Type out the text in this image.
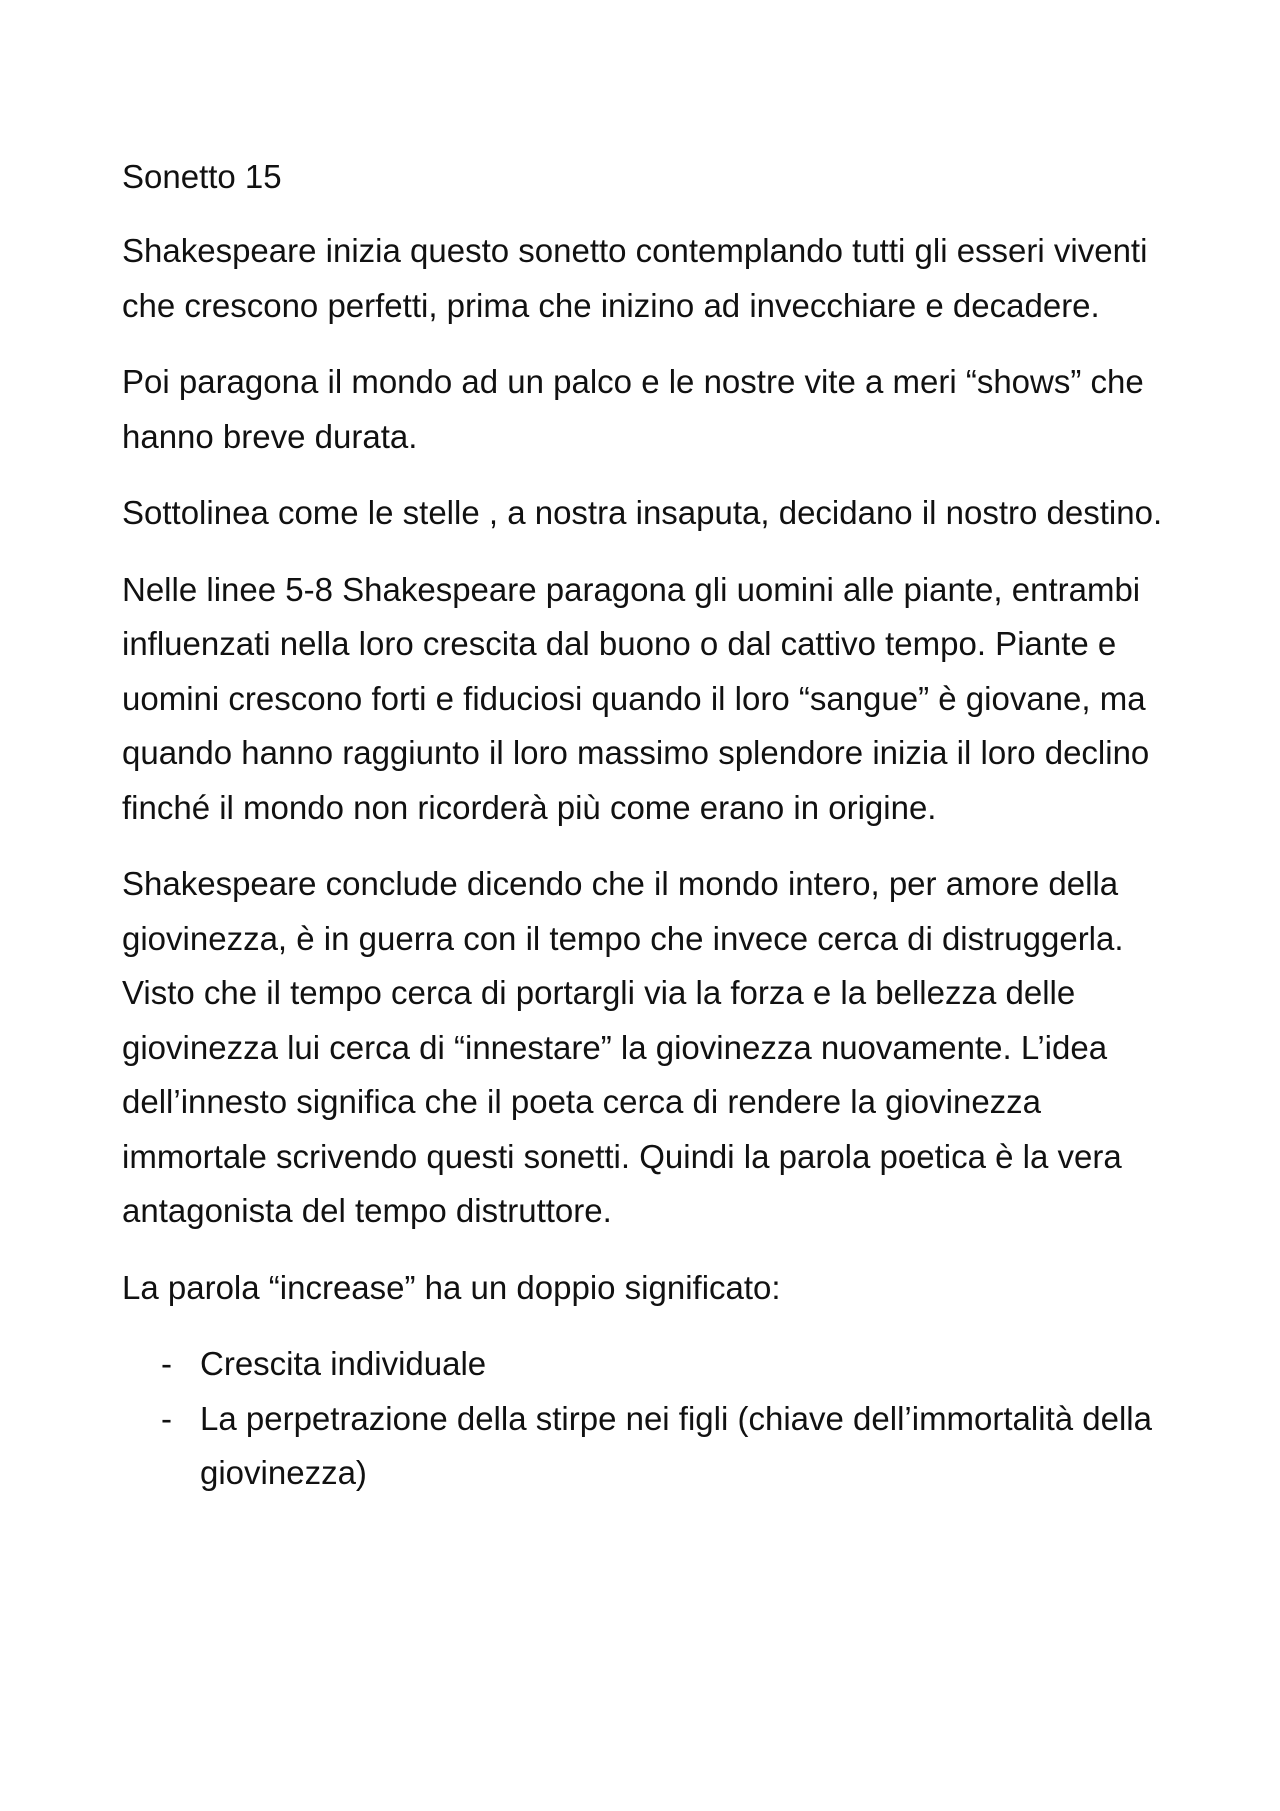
Sonetto 15

Shakespeare inizia questo sonetto contemplando tutti gli esseri viventi che crescono perfetti, prima che inizino ad invecchiare e decadere.

Poi paragona il mondo ad un palco e le nostre vite a meri “shows” che hanno breve durata.

Sottolinea come le stelle , a nostra insaputa, decidano il nostro destino.

Nelle linee 5-8 Shakespeare paragona gli uomini alle piante, entrambi influenzati nella loro crescita dal buono o dal cattivo tempo. Piante e uomini crescono forti e fiduciosi quando il loro “sangue” è giovane, ma quando hanno raggiunto il loro massimo splendore inizia il loro declino finché il mondo non ricorderà più come erano in origine.

Shakespeare conclude dicendo che il mondo intero, per amore della giovinezza, è in guerra con il tempo che invece cerca di distruggerla. Visto che il tempo cerca di portargli via la forza e la bellezza delle giovinezza lui cerca di “innestare” la giovinezza nuovamente. L’idea dell’innesto significa che il poeta cerca di rendere la giovinezza immortale scrivendo questi sonetti. Quindi la parola poetica è la vera antagonista del tempo distruttore.

La parola “increase” ha un doppio significato:

- Crescita individuale
- La perpetrazione della stirpe nei figli (chiave dell’immortalità della giovinezza)
